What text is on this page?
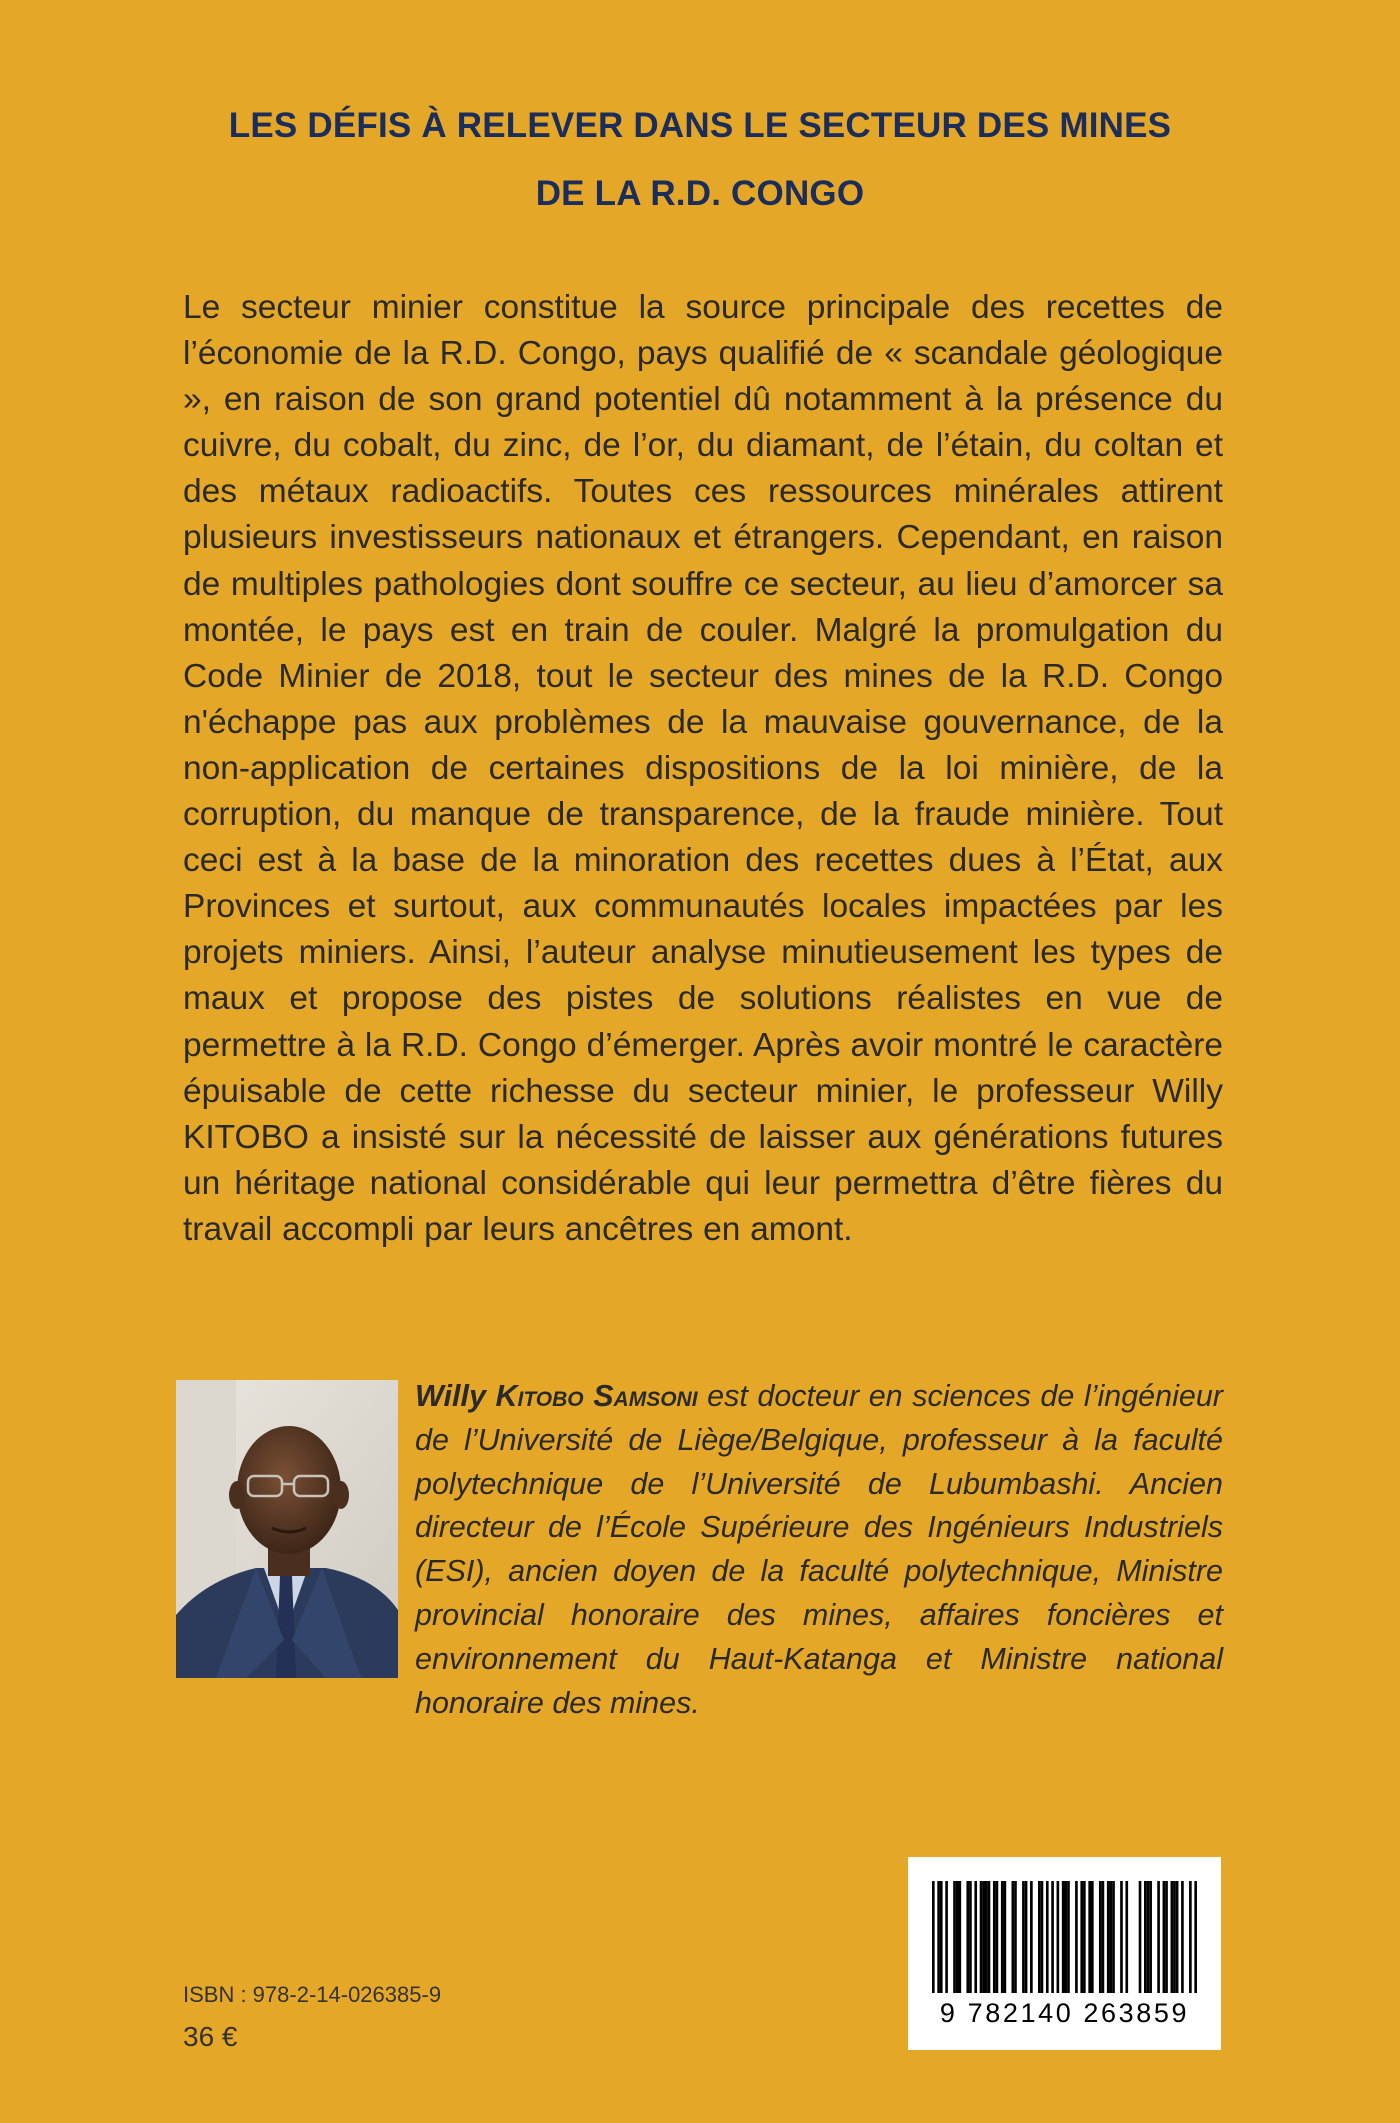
LES DÉFIS À RELEVER DANS LE SECTEUR DES MINES
DE LA R.D. CONGO

Le secteur minier constitue la source principale des recettes de l’économie de la R.D. Congo, pays qualifié de « scandale géologique », en raison de son grand potentiel dû notamment à la présence du cuivre, du cobalt, du zinc, de l’or, du diamant, de l’étain, du coltan et des métaux radioactifs. Toutes ces ressources minérales attirent plusieurs investisseurs nationaux et étrangers. Cependant, en raison de multiples pathologies dont souffre ce secteur, au lieu d’amorcer sa montée, le pays est en train de couler. Malgré la promulgation du Code Minier de 2018, tout le secteur des mines de la R.D. Congo n'échappe pas aux problèmes de la mauvaise gouvernance, de la non-application de certaines dispositions de la loi minière, de la corruption, du manque de transparence, de la fraude minière. Tout ceci est à la base de la minoration des recettes dues à l’État, aux Provinces et surtout, aux communautés locales impactées par les projets miniers. Ainsi, l’auteur analyse minutieusement les types de maux et propose des pistes de solutions réalistes en vue de permettre à la R.D. Congo d’émerger. Après avoir montré le caractère épuisable de cette richesse du secteur minier, le professeur Willy KITOBO a insisté sur la nécessité de laisser aux générations futures un héritage national considérable qui leur permettra d’être fières du travail accompli par leurs ancêtres en amont.

Willy Kitobo Samsoni est docteur en sciences de l’ingénieur de l’Université de Liège/Belgique, professeur à la faculté polytechnique de l’Université de Lubumbashi. Ancien directeur de l’École Supérieure des Ingénieurs Industriels (ESI), ancien doyen de la faculté polytechnique, Ministre provincial honoraire des mines, affaires foncières et environnement du Haut-Katanga et Ministre national honoraire des mines.

9 782140 263859
ISBN : 978-2-14-026385-9
36 €
